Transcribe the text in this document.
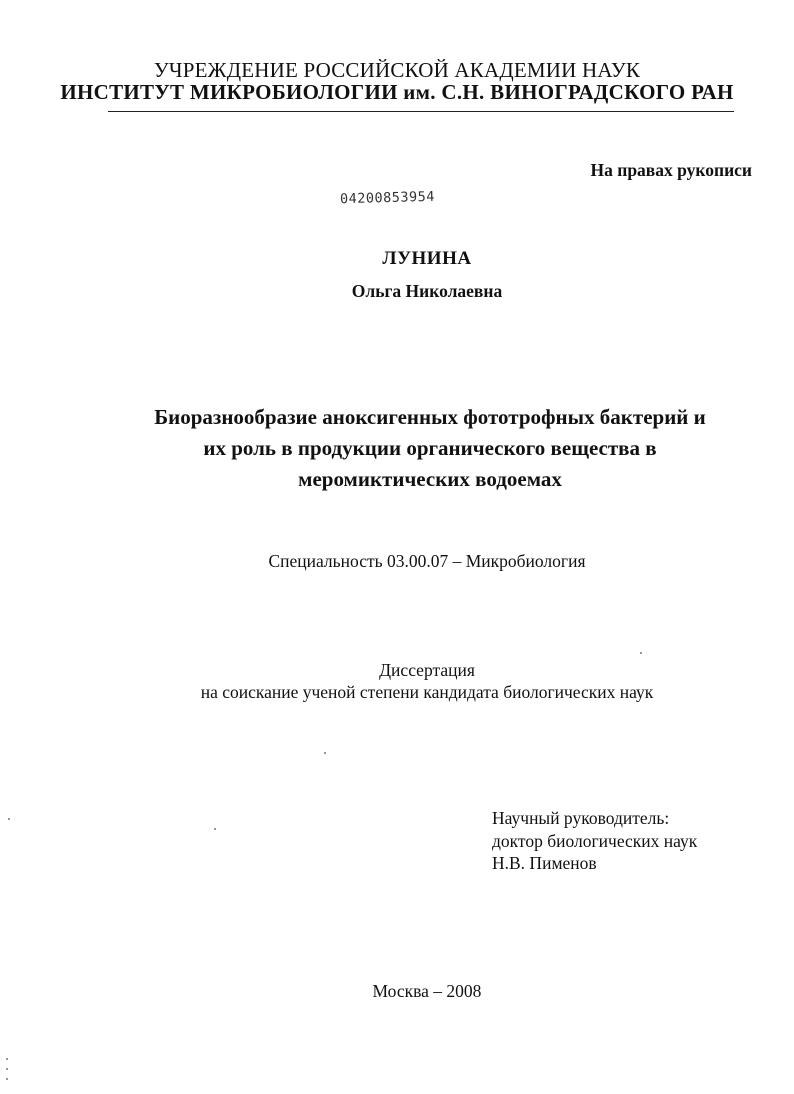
УЧРЕЖДЕНИЕ РОССИЙСКОЙ АКАДЕМИИ НАУК
ИНСТИТУТ МИКРОБИОЛОГИИ им. С.Н. ВИНОГРАДСКОГО РАН
На правах рукописи
04200853954
ЛУНИНА
Ольга Николаевна
Биоразнообразие аноксигенных фототрофных бактерий и
их роль в продукции органического вещества в
меромиктических водоемах
Специальность 03.00.07 – Микробиология
Диссертация
на соискание ученой степени кандидата биологических наук
Научный руководитель:
доктор биологических наук
Н.В. Пименов
Москва – 2008
